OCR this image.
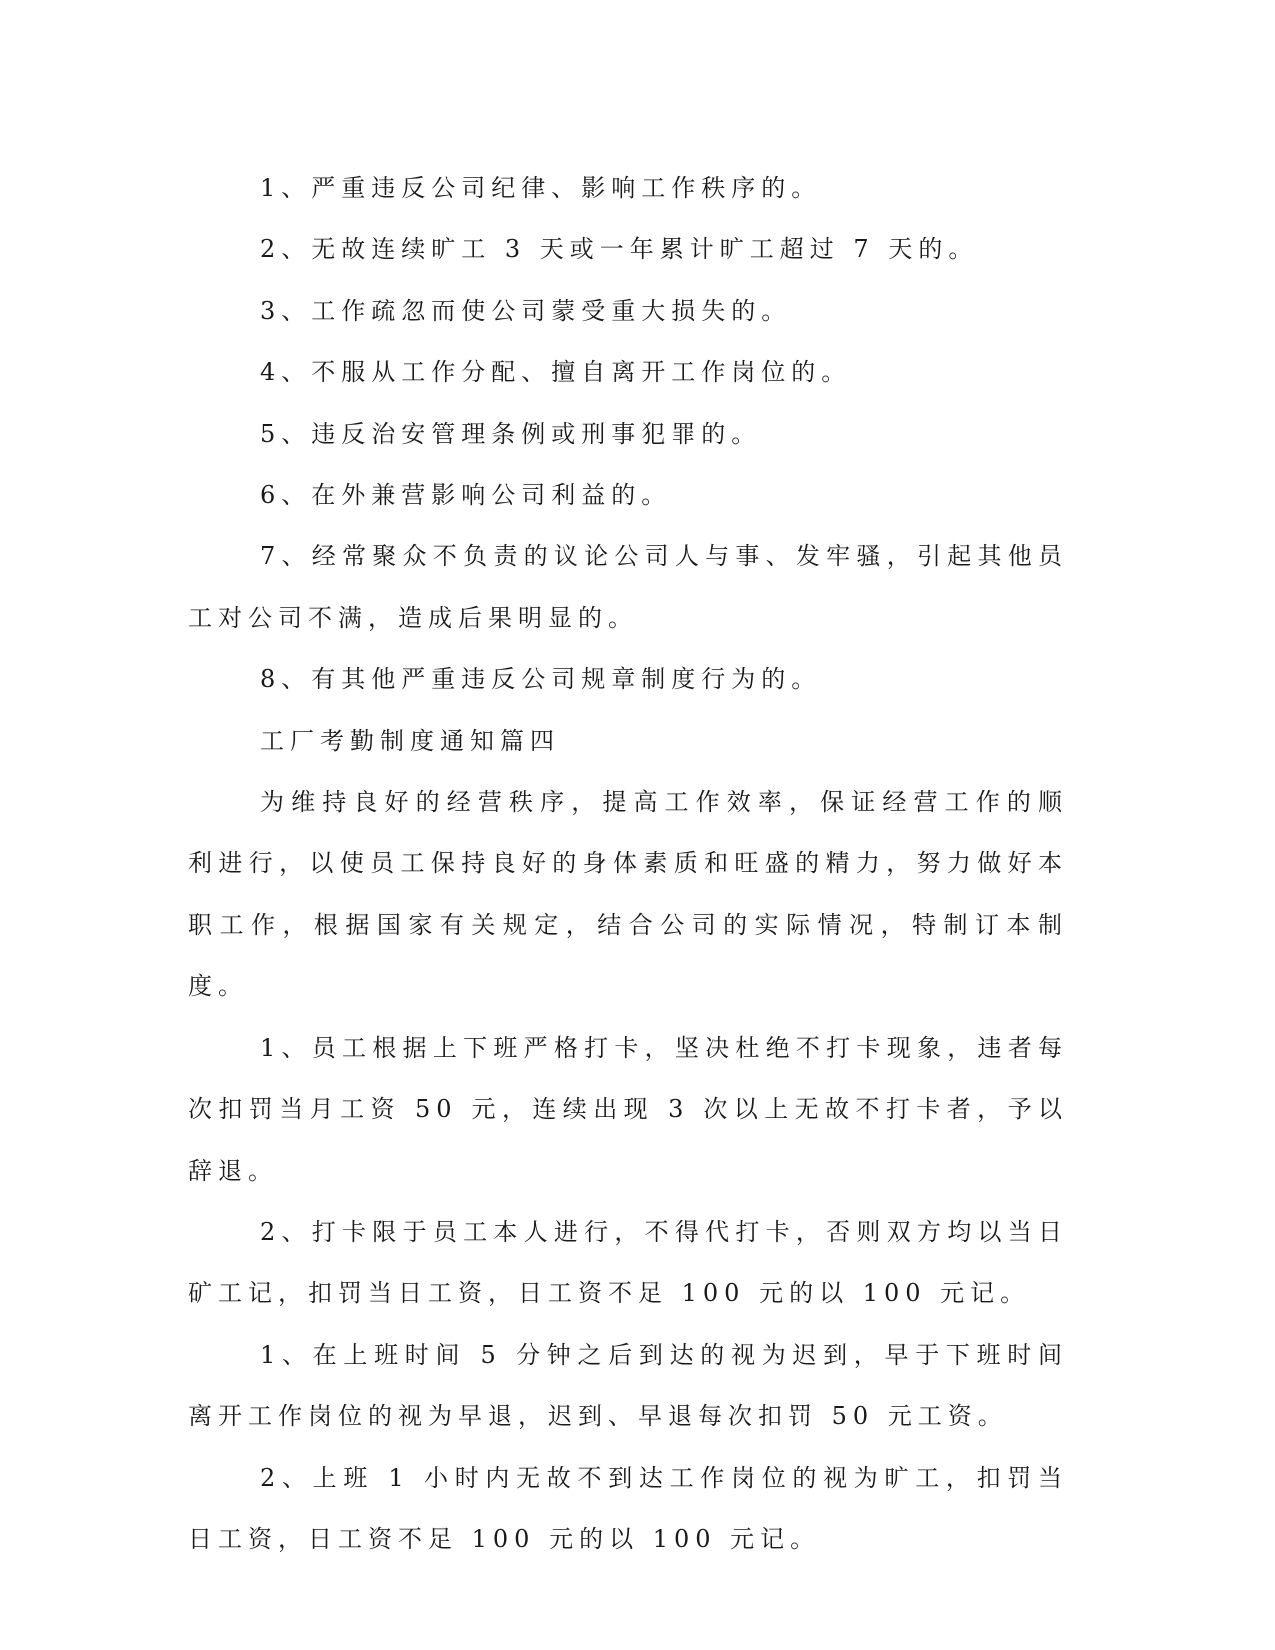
1、严重违反公司纪律、影响工作秩序的。

2、无故连续旷工 3 天或一年累计旷工超过 7 天的。

3、工作疏忽而使公司蒙受重大损失的。

4、不服从工作分配、擅自离开工作岗位的。

5、违反治安管理条例或刑事犯罪的。

6、在外兼营影响公司利益的。

7、经常聚众不负责的议论公司人与事、发牢骚，引起其他员工对公司不满，造成后果明显的。

8、有其他严重违反公司规章制度行为的。

工厂考勤制度通知篇四

为维持良好的经营秩序，提高工作效率，保证经营工作的顺利进行，以使员工保持良好的身体素质和旺盛的精力，努力做好本职工作，根据国家有关规定，结合公司的实际情况，特制订本制度。

1、员工根据上下班严格打卡，坚决杜绝不打卡现象，违者每次扣罚当月工资 50 元，连续出现 3 次以上无故不打卡者，予以辞退。

2、打卡限于员工本人进行，不得代打卡，否则双方均以当日矿工记，扣罚当日工资，日工资不足 100 元的以 100 元记。

1、在上班时间 5 分钟之后到达的视为迟到，早于下班时间离开工作岗位的视为早退，迟到、早退每次扣罚 50 元工资。

2、上班 1 小时内无故不到达工作岗位的视为旷工，扣罚当日工资，日工资不足 100 元的以 100 元记。
